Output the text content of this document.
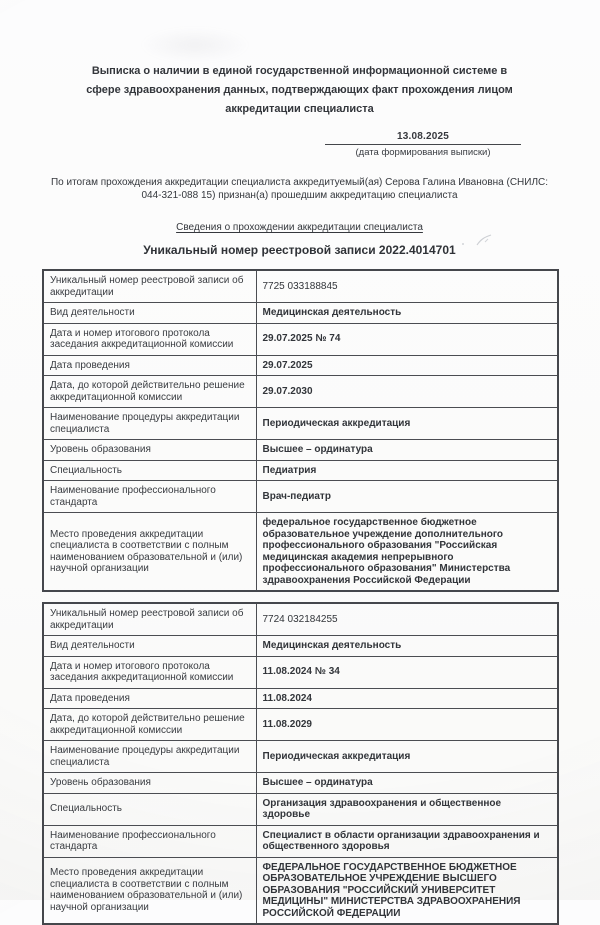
Выписка о наличии в единой государственной информационной системе в сфере здравоохранения данных, подтверждающих факт прохождения лицом аккредитации специалиста
13.08.2025
(дата формирования выписки)

По итогам прохождения аккредитации специалиста аккредитуемый(ая) Серова Галина Ивановна (СНИЛС: 044-321-088 15) признан(а) прошедшим аккредитацию специалиста

Сведения о прохождении аккредитации специалиста
Уникальный номер реестровой записи 2022.4014701
Уникальный номер реестровой записи об аккредитации	7725 033188845
Вид деятельности	Медицинская деятельность
Дата и номер итогового протокола заседания аккредитационной комиссии	29.07.2025 № 74
Дата проведения	29.07.2025
Дата, до которой действительно решение аккредитационной комиссии	29.07.2030
Наименование процедуры аккредитации специалиста	Периодическая аккредитация
Уровень образования	Высшее – ординатура
Специальность	Педиатрия
Наименование профессионального стандарта	Врач-педиатр
Место проведения аккредитации специалиста в соответствии с полным наименованием образовательной и (или) научной организации	федеральное государственное бюджетное образовательное учреждение дополнительного профессионального образования "Российская медицинская академия непрерывного профессионального образования" Министерства здравоохранения Российской Федерации
Уникальный номер реестровой записи об аккредитации	7724 032184255
Вид деятельности	Медицинская деятельность
Дата и номер итогового протокола заседания аккредитационной комиссии	11.08.2024 № 34
Дата проведения	11.08.2024
Дата, до которой действительно решение аккредитационной комиссии	11.08.2029
Наименование процедуры аккредитации специалиста	Периодическая аккредитация
Уровень образования	Высшее – ординатура
Специальность	Организация здравоохранения и общественное здоровье
Наименование профессионального стандарта	Специалист в области организации здравоохранения и общественного здоровья
Место проведения аккредитации специалиста в соответствии с полным наименованием образовательной и (или) научной организации	ФЕДЕРАЛЬНОЕ ГОСУДАРСТВЕННОЕ БЮДЖЕТНОЕ ОБРАЗОВАТЕЛЬНОЕ УЧРЕЖДЕНИЕ ВЫСШЕГО ОБРАЗОВАНИЯ "РОССИЙСКИЙ УНИВЕРСИТЕТ МЕДИЦИНЫ" МИНИСТЕРСТВА ЗДРАВООХРАНЕНИЯ РОССИЙСКОЙ ФЕДЕРАЦИИ
